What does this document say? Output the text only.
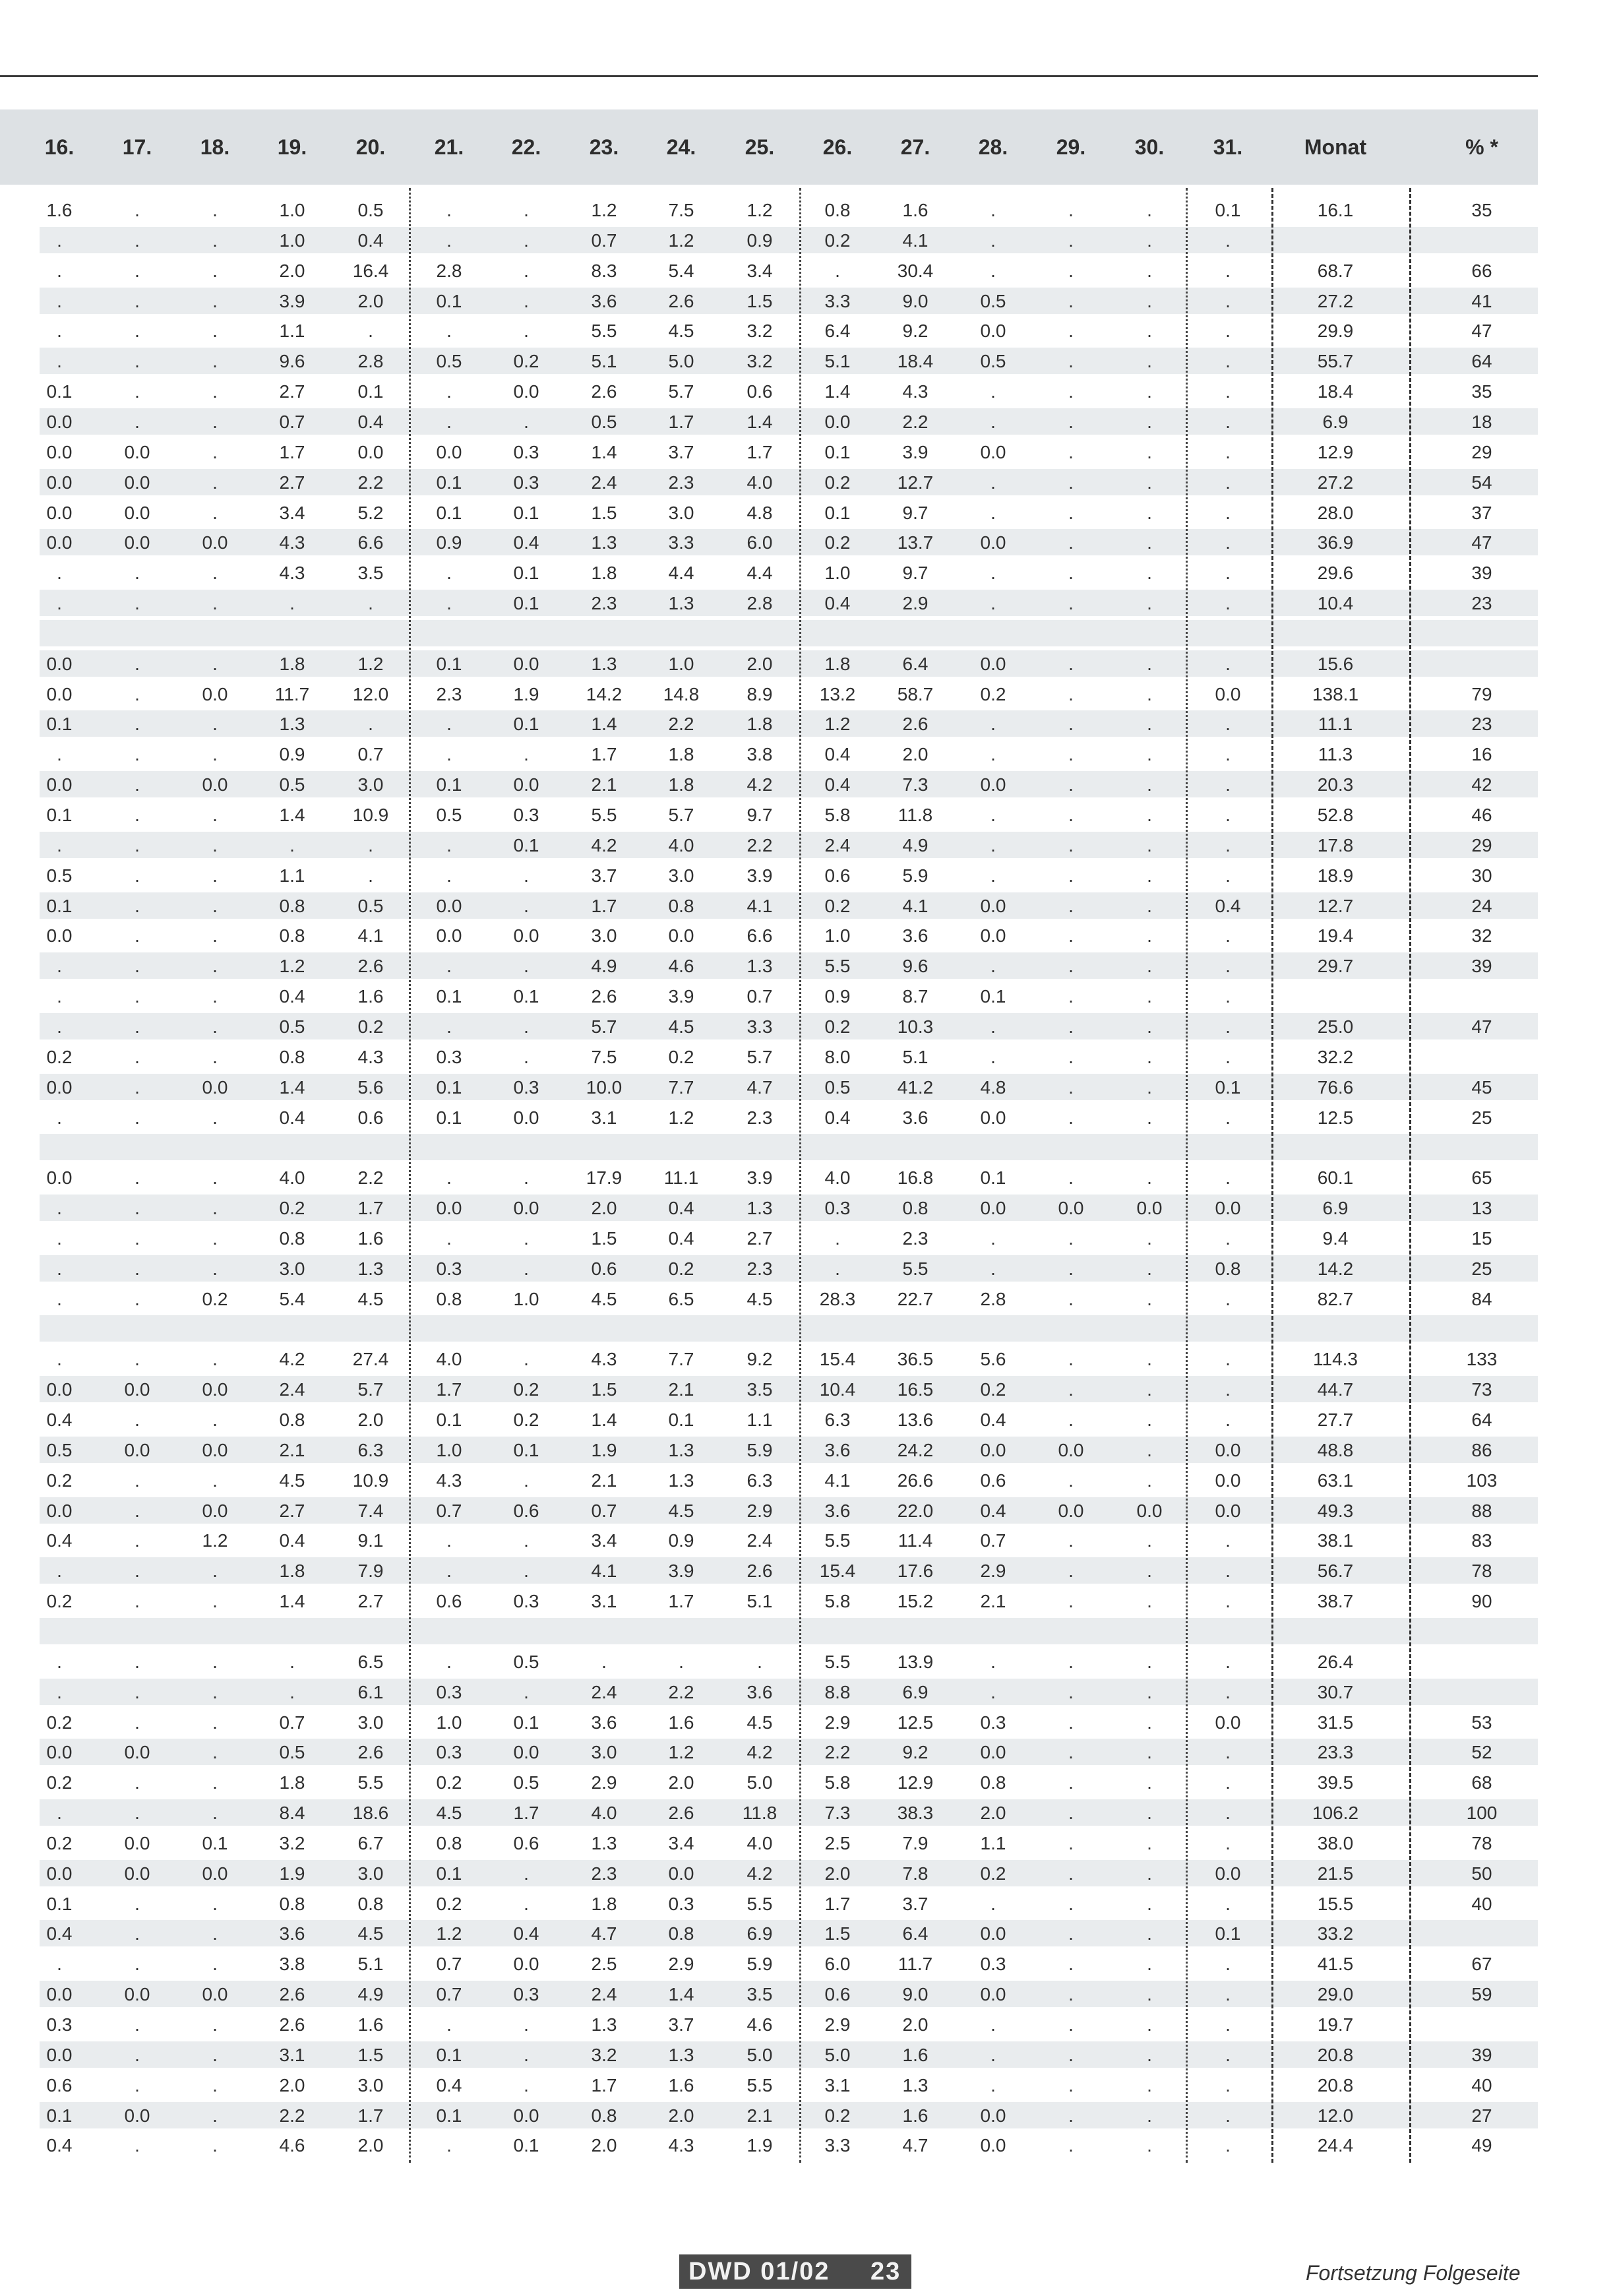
16.	17.	18.	19.	20.	21.	22.	23.	24.	25.	26.	27.	28.	29.	30.	31.	Monat	% *
1.6	.	.	1.0	0.5	.	.	1.2	7.5	1.2	0.8	1.6	.	.	.	0.1	16.1	35
.	.	.	1.0	0.4	.	.	0.7	1.2	0.9	0.2	4.1	.	.	.	.
.	.	.	2.0	16.4	2.8	.	8.3	5.4	3.4	.	30.4	.	.	.	.	68.7	66
.	.	.	3.9	2.0	0.1	.	3.6	2.6	1.5	3.3	9.0	0.5	.	.	.	27.2	41
.	.	.	1.1	.	.	.	5.5	4.5	3.2	6.4	9.2	0.0	.	.	.	29.9	47
.	.	.	9.6	2.8	0.5	0.2	5.1	5.0	3.2	5.1	18.4	0.5	.	.	.	55.7	64
0.1	.	.	2.7	0.1	.	0.0	2.6	5.7	0.6	1.4	4.3	.	.	.	.	18.4	35
0.0	.	.	0.7	0.4	.	.	0.5	1.7	1.4	0.0	2.2	.	.	.	.	6.9	18
0.0	0.0	.	1.7	0.0	0.0	0.3	1.4	3.7	1.7	0.1	3.9	0.0	.	.	.	12.9	29
0.0	0.0	.	2.7	2.2	0.1	0.3	2.4	2.3	4.0	0.2	12.7	.	.	.	.	27.2	54
0.0	0.0	.	3.4	5.2	0.1	0.1	1.5	3.0	4.8	0.1	9.7	.	.	.	.	28.0	37
0.0	0.0	0.0	4.3	6.6	0.9	0.4	1.3	3.3	6.0	0.2	13.7	0.0	.	.	.	36.9	47
.	.	.	4.3	3.5	.	0.1	1.8	4.4	4.4	1.0	9.7	.	.	.	.	29.6	39
.	.	.	.	.	.	0.1	2.3	1.3	2.8	0.4	2.9	.	.	.	.	10.4	23
0.0	.	.	1.8	1.2	0.1	0.0	1.3	1.0	2.0	1.8	6.4	0.0	.	.	.	15.6
0.0	.	0.0	11.7	12.0	2.3	1.9	14.2	14.8	8.9	13.2	58.7	0.2	.	.	0.0	138.1	79
0.1	.	.	1.3	.	.	0.1	1.4	2.2	1.8	1.2	2.6	.	.	.	.	11.1	23
.	.	.	0.9	0.7	.	.	1.7	1.8	3.8	0.4	2.0	.	.	.	.	11.3	16
0.0	.	0.0	0.5	3.0	0.1	0.0	2.1	1.8	4.2	0.4	7.3	0.0	.	.	.	20.3	42
0.1	.	.	1.4	10.9	0.5	0.3	5.5	5.7	9.7	5.8	11.8	.	.	.	.	52.8	46
.	.	.	.	.	.	0.1	4.2	4.0	2.2	2.4	4.9	.	.	.	.	17.8	29
0.5	.	.	1.1	.	.	.	3.7	3.0	3.9	0.6	5.9	.	.	.	.	18.9	30
0.1	.	.	0.8	0.5	0.0	.	1.7	0.8	4.1	0.2	4.1	0.0	.	.	0.4	12.7	24
0.0	.	.	0.8	4.1	0.0	0.0	3.0	0.0	6.6	1.0	3.6	0.0	.	.	.	19.4	32
.	.	.	1.2	2.6	.	.	4.9	4.6	1.3	5.5	9.6	.	.	.	.	29.7	39
.	.	.	0.4	1.6	0.1	0.1	2.6	3.9	0.7	0.9	8.7	0.1	.	.	.
.	.	.	0.5	0.2	.	.	5.7	4.5	3.3	0.2	10.3	.	.	.	.	25.0	47
0.2	.	.	0.8	4.3	0.3	.	7.5	0.2	5.7	8.0	5.1	.	.	.	.	32.2
0.0	.	0.0	1.4	5.6	0.1	0.3	10.0	7.7	4.7	0.5	41.2	4.8	.	.	0.1	76.6	45
.	.	.	0.4	0.6	0.1	0.0	3.1	1.2	2.3	0.4	3.6	0.0	.	.	.	12.5	25
0.0	.	.	4.0	2.2	.	.	17.9	11.1	3.9	4.0	16.8	0.1	.	.	.	60.1	65
.	.	.	0.2	1.7	0.0	0.0	2.0	0.4	1.3	0.3	0.8	0.0	0.0	0.0	0.0	6.9	13
.	.	.	0.8	1.6	.	.	1.5	0.4	2.7	.	2.3	.	.	.	.	9.4	15
.	.	.	3.0	1.3	0.3	.	0.6	0.2	2.3	.	5.5	.	.	.	0.8	14.2	25
.	.	0.2	5.4	4.5	0.8	1.0	4.5	6.5	4.5	28.3	22.7	2.8	.	.	.	82.7	84
.	.	.	4.2	27.4	4.0	.	4.3	7.7	9.2	15.4	36.5	5.6	.	.	.	114.3	133
0.0	0.0	0.0	2.4	5.7	1.7	0.2	1.5	2.1	3.5	10.4	16.5	0.2	.	.	.	44.7	73
0.4	.	.	0.8	2.0	0.1	0.2	1.4	0.1	1.1	6.3	13.6	0.4	.	.	.	27.7	64
0.5	0.0	0.0	2.1	6.3	1.0	0.1	1.9	1.3	5.9	3.6	24.2	0.0	0.0	.	0.0	48.8	86
0.2	.	.	4.5	10.9	4.3	.	2.1	1.3	6.3	4.1	26.6	0.6	.	.	0.0	63.1	103
0.0	.	0.0	2.7	7.4	0.7	0.6	0.7	4.5	2.9	3.6	22.0	0.4	0.0	0.0	0.0	49.3	88
0.4	.	1.2	0.4	9.1	.	.	3.4	0.9	2.4	5.5	11.4	0.7	.	.	.	38.1	83
.	.	.	1.8	7.9	.	.	4.1	3.9	2.6	15.4	17.6	2.9	.	.	.	56.7	78
0.2	.	.	1.4	2.7	0.6	0.3	3.1	1.7	5.1	5.8	15.2	2.1	.	.	.	38.7	90
.	.	.	.	6.5	.	0.5	.	.	.	5.5	13.9	.	.	.	.	26.4
.	.	.	.	6.1	0.3	.	2.4	2.2	3.6	8.8	6.9	.	.	.	.	30.7
0.2	.	.	0.7	3.0	1.0	0.1	3.6	1.6	4.5	2.9	12.5	0.3	.	.	0.0	31.5	53
0.0	0.0	.	0.5	2.6	0.3	0.0	3.0	1.2	4.2	2.2	9.2	0.0	.	.	.	23.3	52
0.2	.	.	1.8	5.5	0.2	0.5	2.9	2.0	5.0	5.8	12.9	0.8	.	.	.	39.5	68
.	.	.	8.4	18.6	4.5	1.7	4.0	2.6	11.8	7.3	38.3	2.0	.	.	.	106.2	100
0.2	0.0	0.1	3.2	6.7	0.8	0.6	1.3	3.4	4.0	2.5	7.9	1.1	.	.	.	38.0	78
0.0	0.0	0.0	1.9	3.0	0.1	.	2.3	0.0	4.2	2.0	7.8	0.2	.	.	0.0	21.5	50
0.1	.	.	0.8	0.8	0.2	.	1.8	0.3	5.5	1.7	3.7	.	.	.	.	15.5	40
0.4	.	.	3.6	4.5	1.2	0.4	4.7	0.8	6.9	1.5	6.4	0.0	.	.	0.1	33.2
.	.	.	3.8	5.1	0.7	0.0	2.5	2.9	5.9	6.0	11.7	0.3	.	.	.	41.5	67
0.0	0.0	0.0	2.6	4.9	0.7	0.3	2.4	1.4	3.5	0.6	9.0	0.0	.	.	.	29.0	59
0.3	.	.	2.6	1.6	.	.	1.3	3.7	4.6	2.9	2.0	.	.	.	.	19.7
0.0	.	.	3.1	1.5	0.1	.	3.2	1.3	5.0	5.0	1.6	.	.	.	.	20.8	39
0.6	.	.	2.0	3.0	0.4	.	1.7	1.6	5.5	3.1	1.3	.	.	.	.	20.8	40
0.1	0.0	.	2.2	1.7	0.1	0.0	0.8	2.0	2.1	0.2	1.6	0.0	.	.	.	12.0	27
0.4	.	.	4.6	2.0	.	0.1	2.0	4.3	1.9	3.3	4.7	0.0	.	.	.	24.4	49
DWD 01/02 23	Fortsetzung Folgeseite
